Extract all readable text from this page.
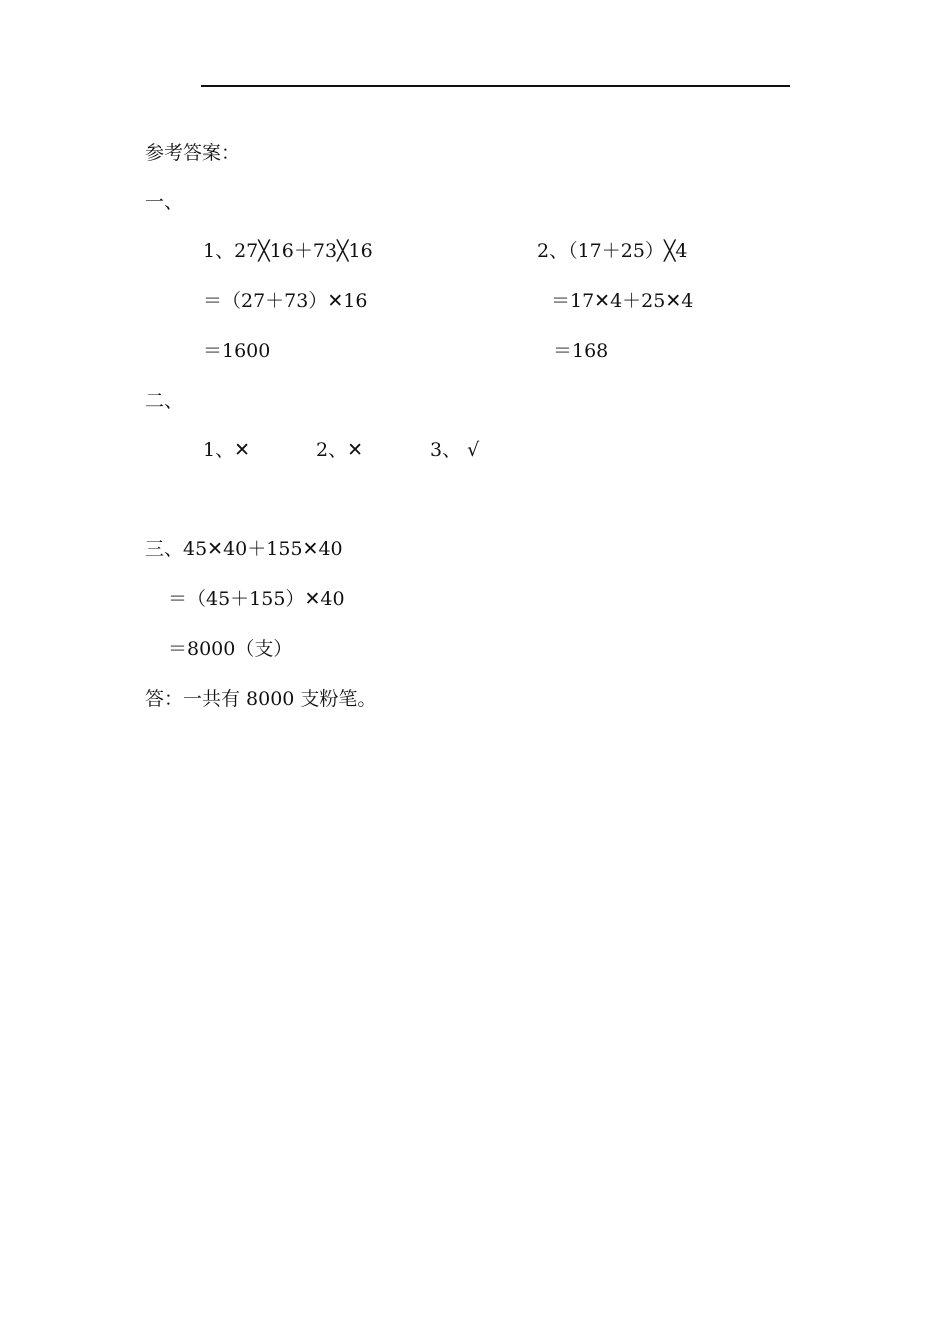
参考答案：
一、
1、27╳16＋73╳16
＝（27＋73）✕16
＝1600
2、（17＋25）╳4
＝17✕4＋25✕4
＝168
二、
1、✕	2、✕	3、 √
三、45✕40＋155✕40
＝（45＋155）✕40
＝8000（支）
答：一共有 8000 支粉笔。
